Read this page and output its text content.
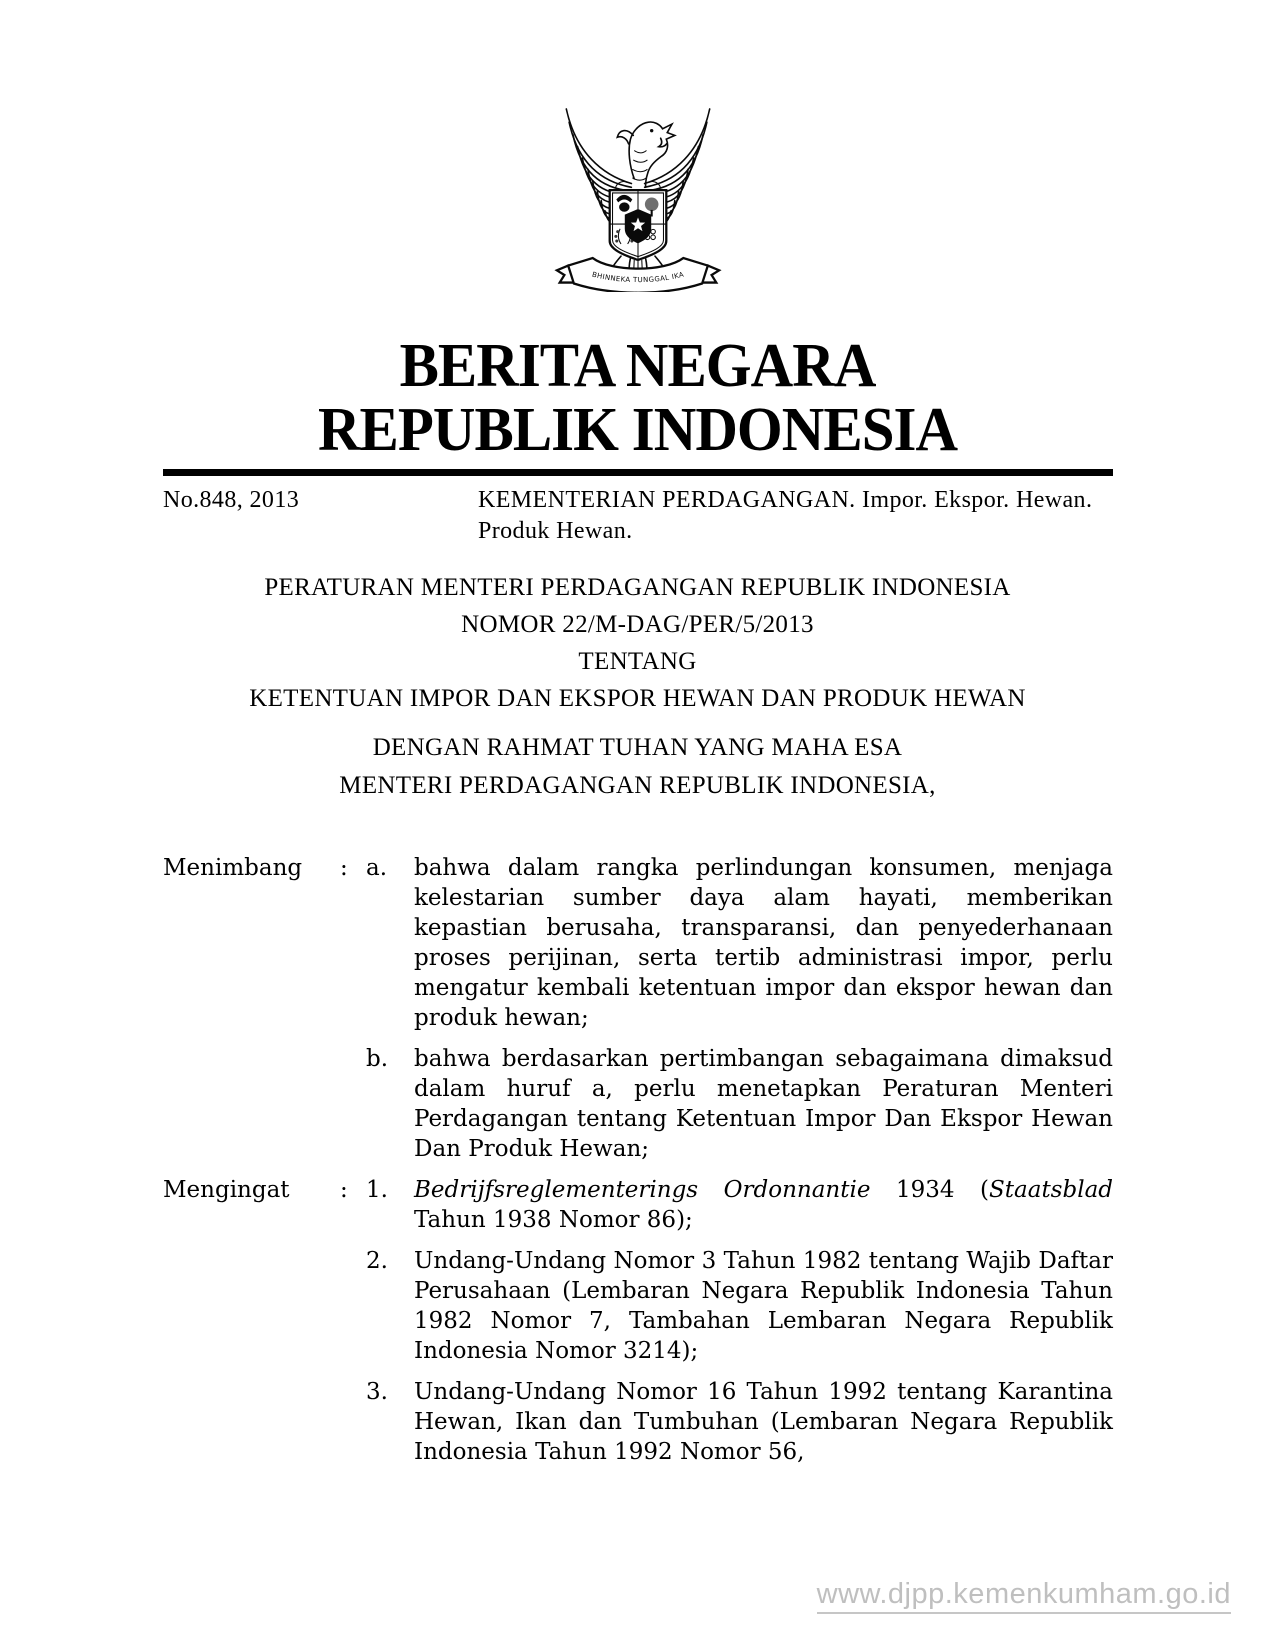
BHINNEKA TUNGGAL IKA
BERITA NEGARA
REPUBLIK INDONESIA
No.848, 2013	KEMENTERIAN PERDAGANGAN. Impor. Ekspor. Hewan. Produk Hewan.
PERATURAN MENTERI PERDAGANGAN REPUBLIK INDONESIA
NOMOR 22/M-DAG/PER/5/2013
TENTANG
KETENTUAN IMPOR DAN EKSPOR HEWAN DAN PRODUK HEWAN
DENGAN RAHMAT TUHAN YANG MAHA ESA
MENTERI PERDAGANGAN REPUBLIK INDONESIA,
Menimbang	: a.	bahwa dalam rangka perlindungan konsumen, menjaga kelestarian sumber daya alam hayati, memberikan kepastian berusaha, transparansi, dan penyederhanaan proses perijinan, serta tertib administrasi impor, perlu mengatur kembali ketentuan impor dan ekspor hewan dan produk hewan;
b.	bahwa berdasarkan pertimbangan sebagaimana dimaksud dalam huruf a, perlu menetapkan Peraturan Menteri Perdagangan tentang Ketentuan Impor Dan Ekspor Hewan Dan Produk Hewan;
Mengingat	: 1.	Bedrijfsreglementerings Ordonnantie 1934 (Staatsblad Tahun 1938 Nomor 86);
2.	Undang-Undang Nomor 3 Tahun 1982 tentang Wajib Daftar Perusahaan (Lembaran Negara Republik Indonesia Tahun 1982 Nomor 7, Tambahan Lembaran Negara Republik Indonesia Nomor 3214);
3.	Undang-Undang Nomor 16 Tahun 1992 tentang Karantina Hewan, Ikan dan Tumbuhan (Lembaran Negara Republik Indonesia Tahun 1992 Nomor 56,
www.djpp.kemenkumham.go.id
